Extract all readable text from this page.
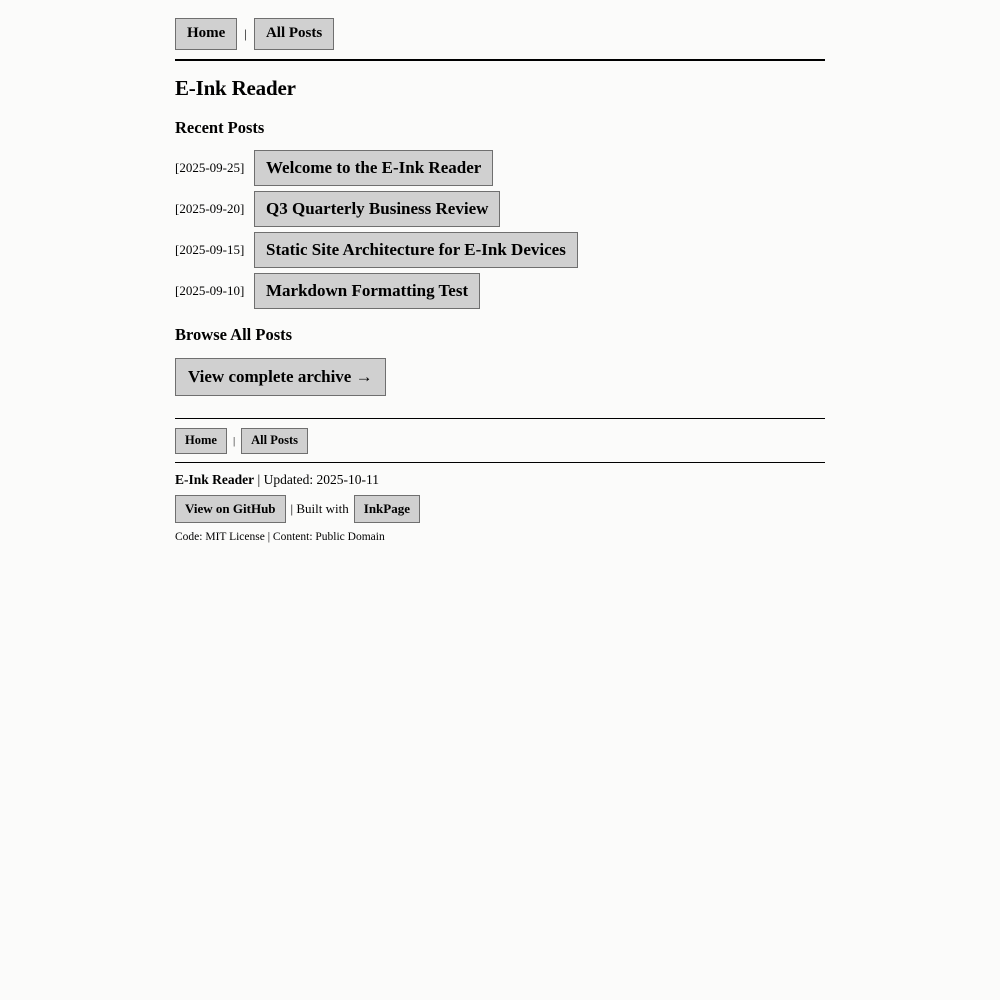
Home	|	All Posts
E-Ink Reader
Recent Posts
[2025-09-25]	Welcome to the E-Ink Reader
[2025-09-20]	Q3 Quarterly Business Review
[2025-09-15]	Static Site Architecture for E-Ink Devices
[2025-09-10]	Markdown Formatting Test
Browse All Posts
View complete archive →
Home	|	All Posts
E-Ink Reader | Updated: 2025-10-11
View on GitHub	| Built with	InkPage
Code: MIT License | Content: Public Domain
